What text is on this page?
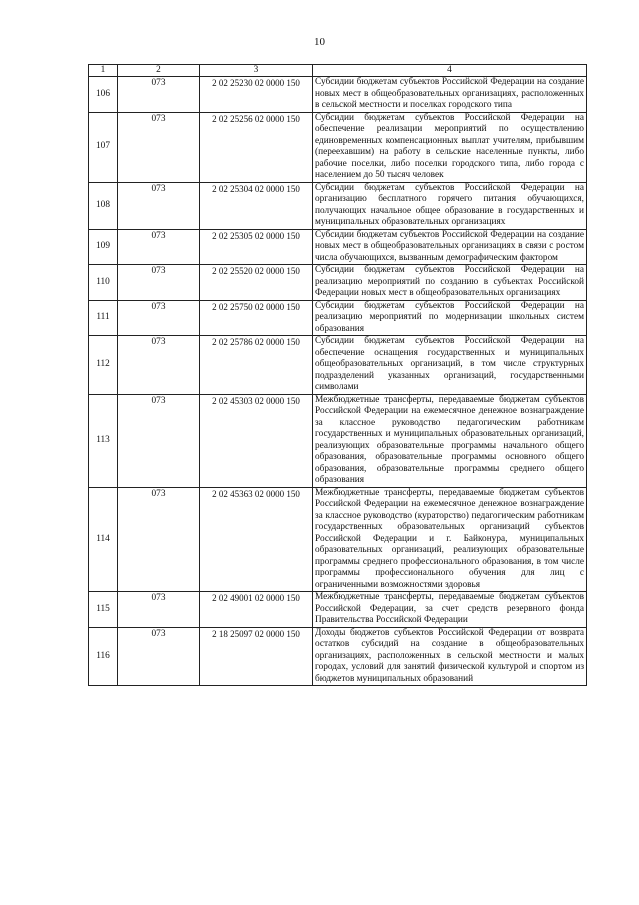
10
1	2	3	4
106	073	2 02 25230 02 0000 150	Субсидии бюджетам субъектов Российской Федерации на создание новых мест в общеобразовательных организациях, расположенных в сельской местности и поселках городского типа
107	073	2 02 25256 02 0000 150	Субсидии бюджетам субъектов Российской Федерации на обеспечение реализации мероприятий по осуществлению единовременных компенсационных выплат учителям, прибывшим (переехавшим) на работу в сельские населенные пункты, либо рабочие поселки, либо поселки городского типа, либо города с населением до 50 тысяч человек
108	073	2 02 25304 02 0000 150	Субсидии бюджетам субъектов Российской Федерации на организацию бесплатного горячего питания обучающихся, получающих начальное общее образование в государственных и муниципальных образовательных организациях
109	073	2 02 25305 02 0000 150	Субсидии бюджетам субъектов Российской Федерации на создание новых мест в общеобразовательных организациях в связи с ростом числа обучающихся, вызванным демографическим фактором
110	073	2 02 25520 02 0000 150	Субсидии бюджетам субъектов Российской Федерации на реализацию мероприятий по созданию в субъектах Российской Федерации новых мест в общеобразовательных организациях
111	073	2 02 25750 02 0000 150	Субсидии бюджетам субъектов Российской Федерации на реализацию мероприятий по модернизации школьных систем образования
112	073	2 02 25786 02 0000 150	Субсидии бюджетам субъектов Российской Федерации на обеспечение оснащения государственных и муниципальных общеобразовательных организаций, в том числе структурных подразделений указанных организаций, государственными символами
113	073	2 02 45303 02 0000 150	Межбюджетные трансферты, передаваемые бюджетам субъектов Российской Федерации на ежемесячное денежное вознаграждение за классное руководство педагогическим работникам государственных и муниципальных образовательных организаций, реализующих образовательные программы начального общего образования, образовательные программы основного общего образования, образовательные программы среднего общего образования
114	073	2 02 45363 02 0000 150	Межбюджетные трансферты, передаваемые бюджетам субъектов Российской Федерации на ежемесячное денежное вознаграждение за классное руководство (кураторство) педагогическим работникам государственных образовательных организаций субъектов Российской Федерации и г. Байконура, муниципальных образовательных организаций, реализующих образовательные программы среднего профессионального образования, в том числе программы профессионального обучения для лиц с ограниченными возможностями здоровья
115	073	2 02 49001 02 0000 150	Межбюджетные трансферты, передаваемые бюджетам субъектов Российской Федерации, за счет средств резервного фонда Правительства Российской Федерации
116	073	2 18 25097 02 0000 150	Доходы бюджетов субъектов Российской Федерации от возврата остатков субсидий на создание в общеобразовательных организациях, расположенных в сельской местности и малых городах, условий для занятий физической культурой и спортом из бюджетов муниципальных образований
